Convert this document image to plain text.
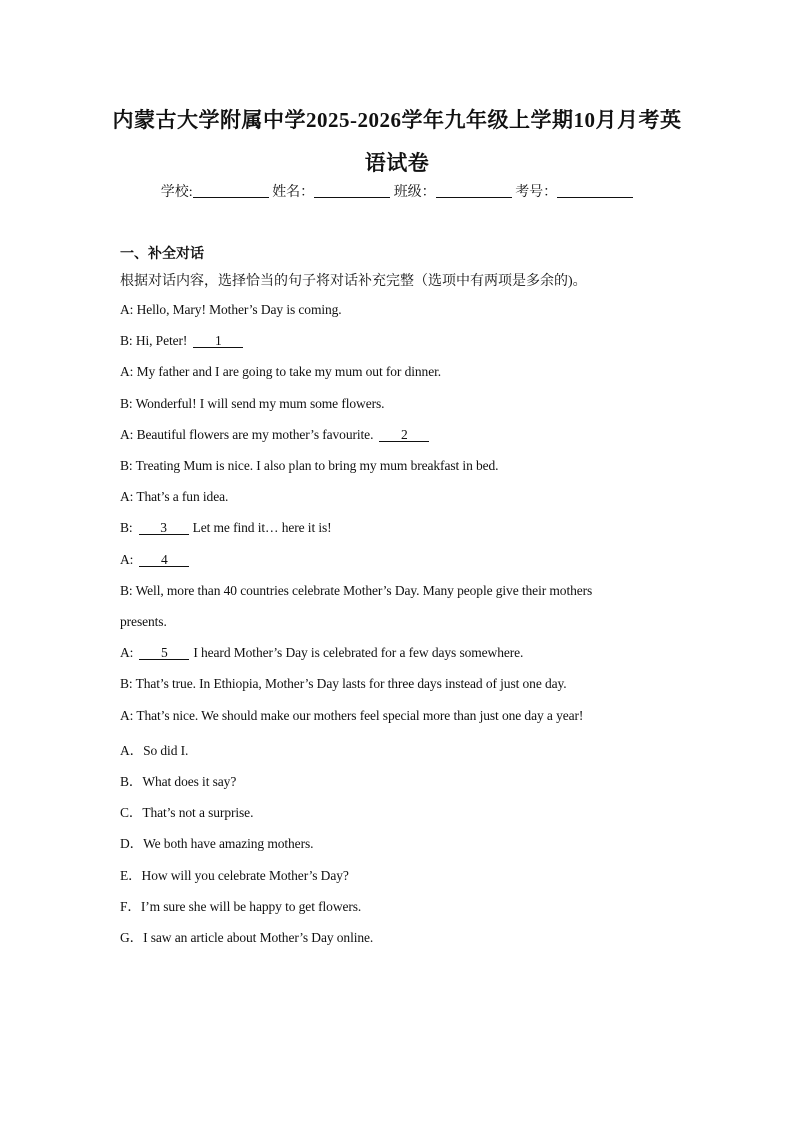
内蒙古大学附属中学2025-2026学年九年级上学期10月月考英
语试卷
学校:	姓名：	班级：	考号：
一、补全对话
根据对话内容，选择恰当的句子将对话补充完整（选项中有两项是多余的)。
A: Hello, Mary! Mother’s Day is coming.
B: Hi, Peter! 1
A: My father and I are going to take my mum out for dinner.
B: Wonderful! I will send my mum some flowers.
A: Beautiful flowers are my mother’s favourite. 2
B: Treating Mum is nice. I also plan to bring my mum breakfast in bed.
A: That’s a fun idea.
B: 3 Let me find it… here it is!
A: 4
B: Well, more than 40 countries celebrate Mother’s Day. Many people give their mothers
presents.
A: 5 I heard Mother’s Day is celebrated for a few days somewhere.
B: That’s true. In Ethiopia, Mother’s Day lasts for three days instead of just one day.
A: That’s nice. We should make our mothers feel special more than just one day a year!
A．So did I.
B．What does it say?
C．That’s not a surprise.
D．We both have amazing mothers.
E．How will you celebrate Mother’s Day?
F．I’m sure she will be happy to get flowers.
G．I saw an article about Mother’s Day online.
